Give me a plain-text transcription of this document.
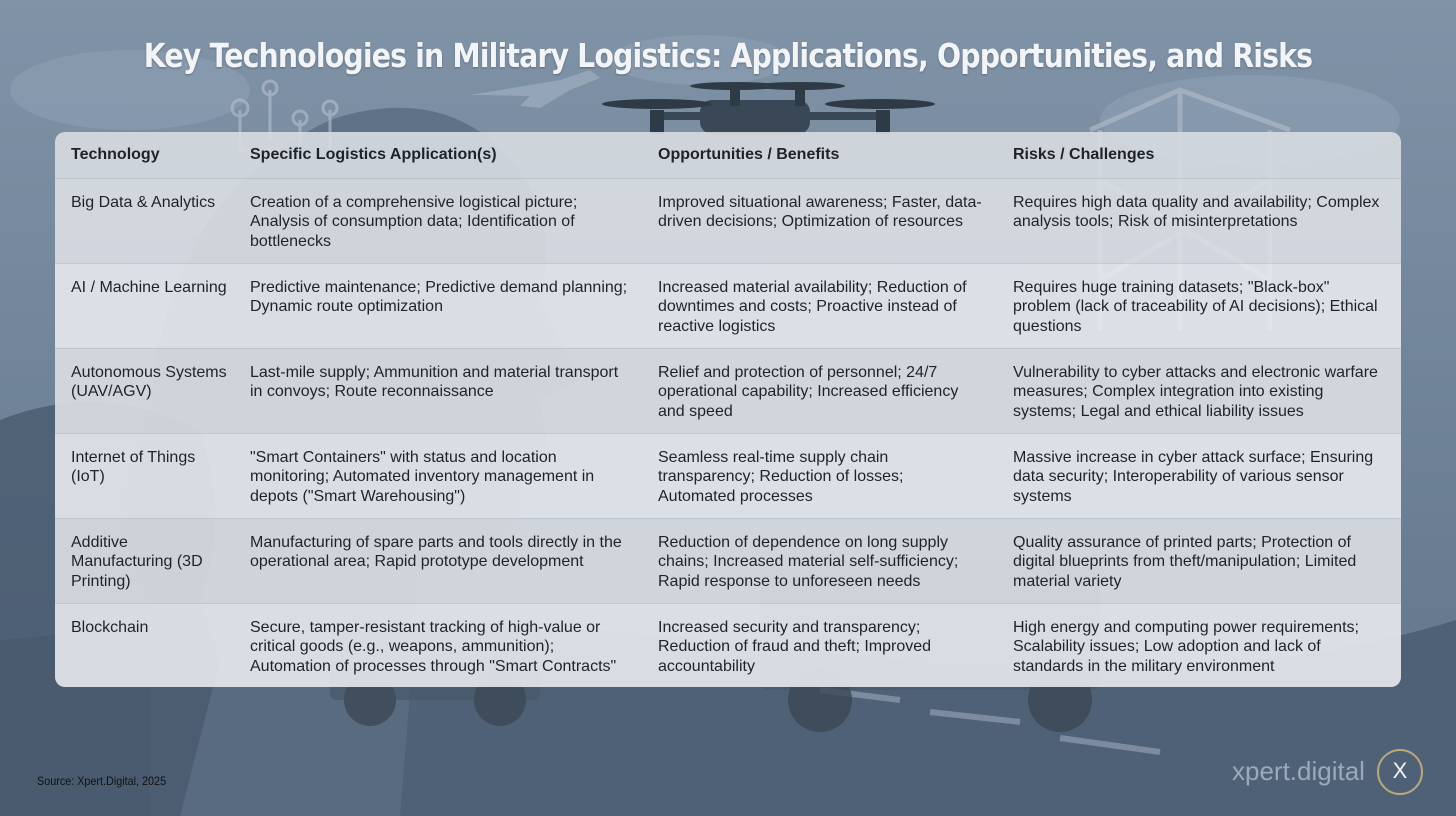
Key Technologies in Military Logistics: Applications, Opportunities, and Risks
Technology	Specific Logistics Application(s)	Opportunities / Benefits	Risks / Challenges
Big Data & Analytics	Creation of a comprehensive logistical picture; Analysis of consumption data; Identification of bottlenecks	Improved situational awareness; Faster, data-driven decisions; Optimization of resources	Requires high data quality and availability; Complex analysis tools; Risk of misinterpretations
AI / Machine Learning	Predictive maintenance; Predictive demand planning; Dynamic route optimization	Increased material availability; Reduction of downtimes and costs; Proactive instead of reactive logistics	Requires huge training datasets; "Black-box" problem (lack of traceability of AI decisions); Ethical questions
Autonomous Systems (UAV/AGV)	Last-mile supply; Ammunition and material transport in convoys; Route reconnaissance	Relief and protection of personnel; 24/7 operational capability; Increased efficiency and speed	Vulnerability to cyber attacks and electronic warfare measures; Complex integration into existing systems; Legal and ethical liability issues
Internet of Things (IoT)	"Smart Containers" with status and location monitoring; Automated inventory management in depots ("Smart Warehousing")	Seamless real-time supply chain transparency; Reduction of losses; Automated processes	Massive increase in cyber attack surface; Ensuring data security; Interoperability of various sensor systems
Additive Manufacturing (3D Printing)	Manufacturing of spare parts and tools directly in the operational area; Rapid prototype development	Reduction of dependence on long supply chains; Increased material self-sufficiency; Rapid response to unforeseen needs	Quality assurance of printed parts; Protection of digital blueprints from theft/manipulation; Limited material variety
Blockchain	Secure, tamper-resistant tracking of high-value or critical goods (e.g., weapons, ammunition); Automation of processes through "Smart Contracts"	Increased security and transparency; Reduction of fraud and theft; Improved accountability	High energy and computing power requirements; Scalability issues; Low adoption and lack of standards in the military environment
Source: Xpert.Digital, 2025	xpert.digital	X
